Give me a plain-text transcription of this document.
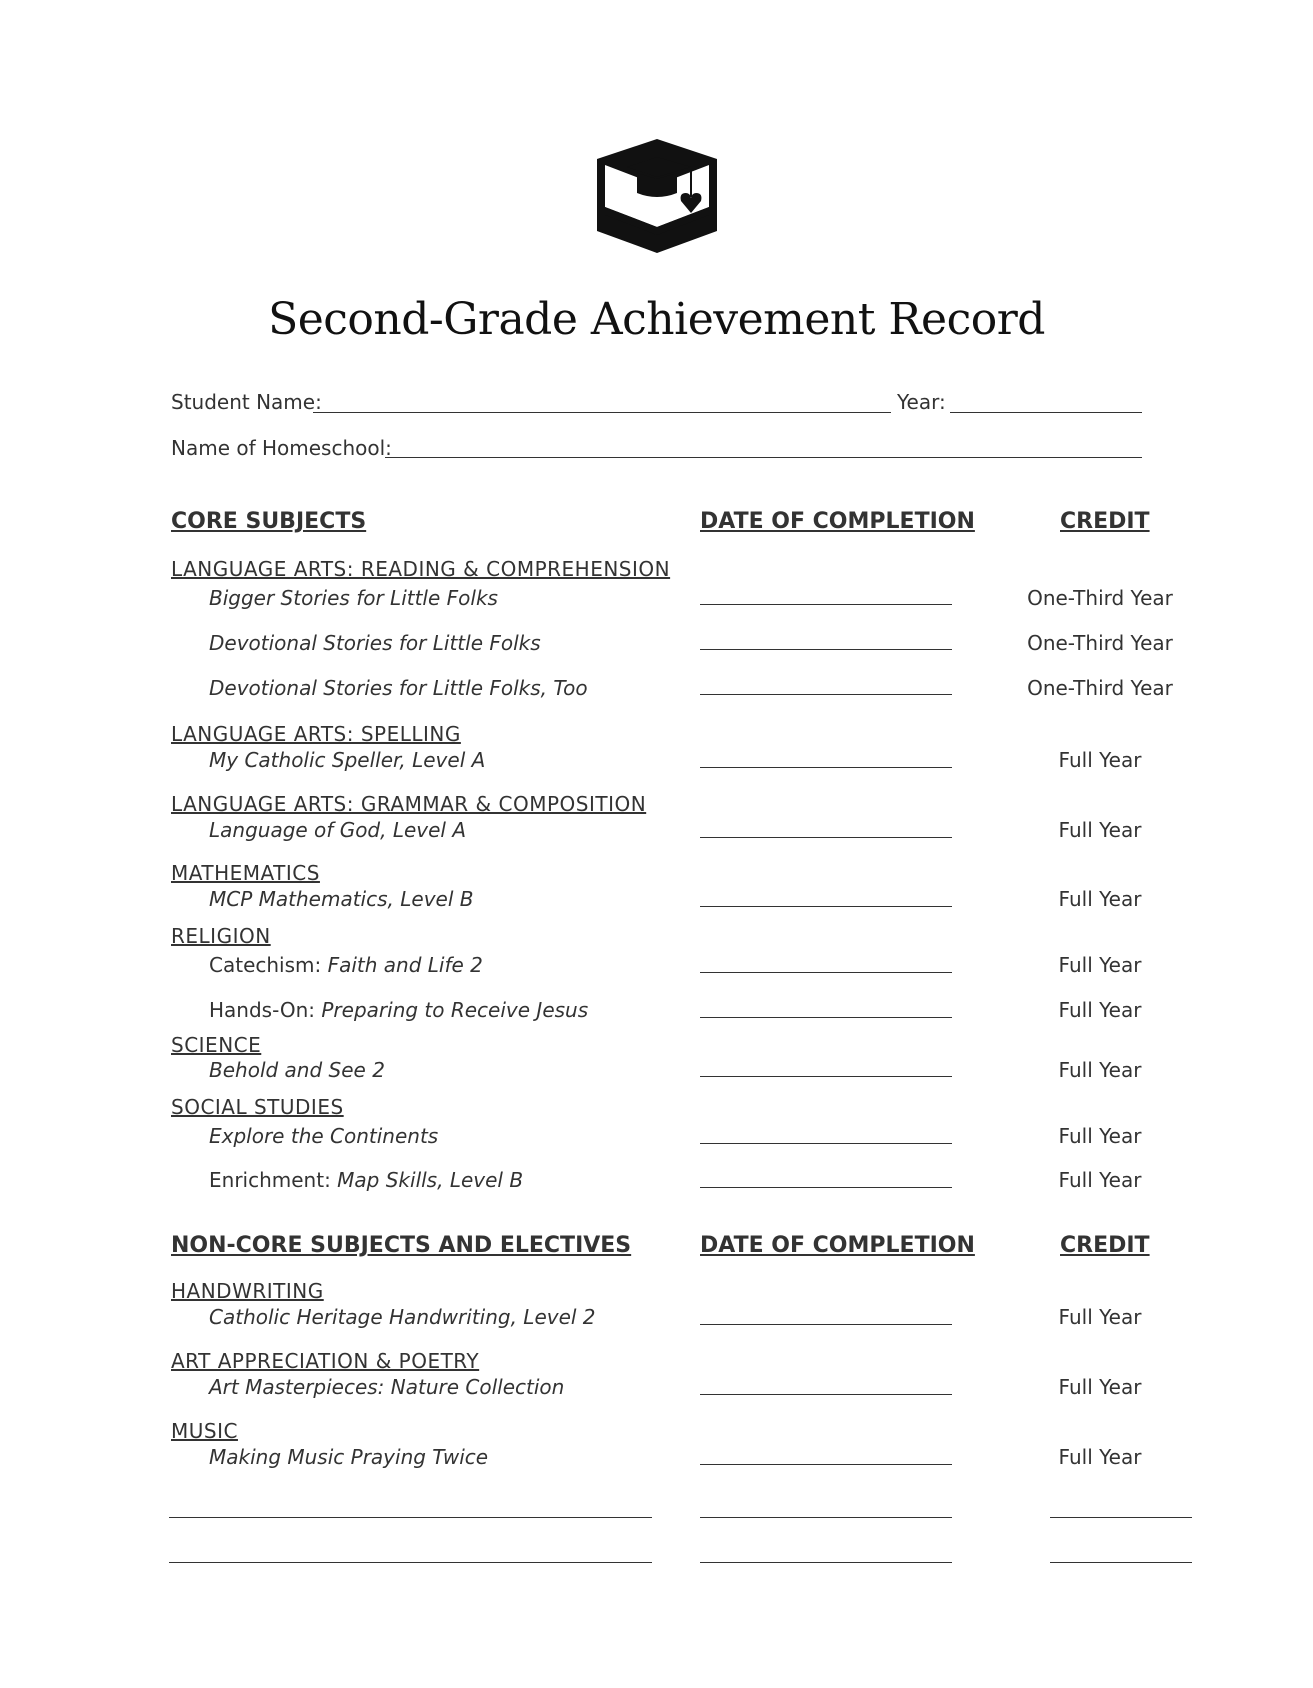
Second-Grade Achievement Record
Student Name:	Year:
Name of Homeschool:
CORE SUBJECTS	DATE OF COMPLETION	CREDIT
LANGUAGE ARTS: READING & COMPREHENSION
Bigger Stories for Little Folks	One-Third Year
Devotional Stories for Little Folks	One-Third Year
Devotional Stories for Little Folks, Too	One-Third Year
LANGUAGE ARTS: SPELLING
My Catholic Speller, Level A	Full Year
LANGUAGE ARTS: GRAMMAR & COMPOSITION
Language of God, Level A	Full Year
MATHEMATICS
MCP Mathematics, Level B	Full Year
RELIGION
Catechism: Faith and Life 2	Full Year
Hands-On: Preparing to Receive Jesus	Full Year
SCIENCE
Behold and See 2	Full Year
SOCIAL STUDIES
Explore the Continents	Full Year
Enrichment: Map Skills, Level B	Full Year
NON-CORE SUBJECTS AND ELECTIVES	DATE OF COMPLETION	CREDIT
HANDWRITING
Catholic Heritage Handwriting, Level 2	Full Year
ART APPRECIATION & POETRY
Art Masterpieces: Nature Collection	Full Year
MUSIC
Making Music Praying Twice	Full Year
